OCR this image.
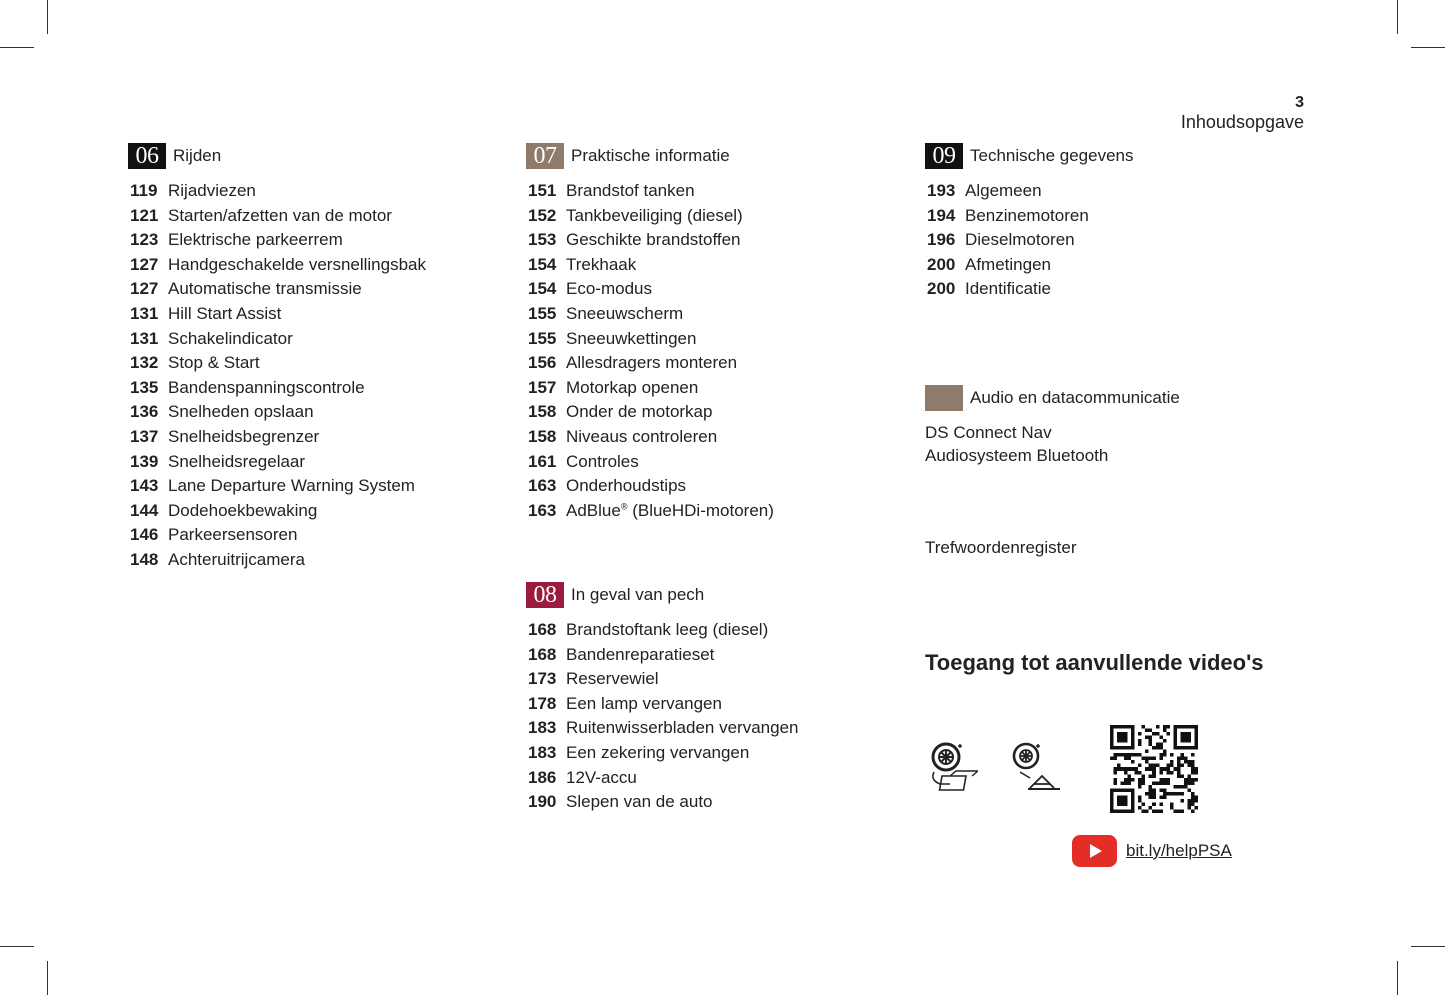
3
Inhoudsopgave
06 Rijden
119 Rijadviezen
121 Starten/afzetten van de motor
123 Elektrische parkeerrem
127 Handgeschakelde versnellingsbak
127 Automatische transmissie
131 Hill Start Assist
131 Schakelindicator
132 Stop & Start
135 Bandenspanningscontrole
136 Snelheden opslaan
137 Snelheidsbegrenzer
139 Snelheidsregelaar
143 Lane Departure Warning System
144 Dodehoekbewaking
146 Parkeersensoren
148 Achteruitrijcamera
07 Praktische informatie
151 Brandstof tanken
152 Tankbeveiliging (diesel)
153 Geschikte brandstoffen
154 Trekhaak
154 Eco-modus
155 Sneeuwscherm
155 Sneeuwkettingen
156 Allesdragers monteren
157 Motorkap openen
158 Onder de motorkap
158 Niveaus controleren
161 Controles
163 Onderhoudstips
163 AdBlue® (BlueHDi-motoren)
08 In geval van pech
168 Brandstoftank leeg (diesel)
168 Bandenreparatieset
173 Reservewiel
178 Een lamp vervangen
183 Ruitenwisserbladen vervangen
183 Een zekering vervangen
186 12V-accu
190 Slepen van de auto
09 Technische gegevens
193 Algemeen
194 Benzinemotoren
196 Dieselmotoren
200 Afmetingen
200 Identificatie
Audio en datacommunicatie
DS Connect Nav
Audiosysteem Bluetooth
Trefwoordenregister
Toegang tot aanvullende video's
bit.ly/helpPSA
